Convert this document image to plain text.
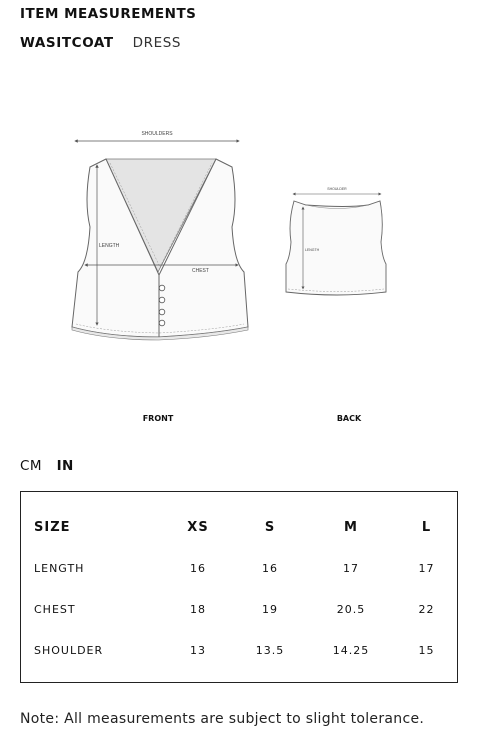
ITEM MEASUREMENTS
WASITCOAT DRESS
SHOULDERS
LENGTH
CHEST
SHOULDER
LENGTH
FRONT	BACK
CM IN
SIZE	XS	S	M	L
LENGTH	16	16	17	17
CHEST	18	19	20.5	22
SHOULDER	13	13.5	14.25	15
Note: All measurements are subject to slight tolerance.
